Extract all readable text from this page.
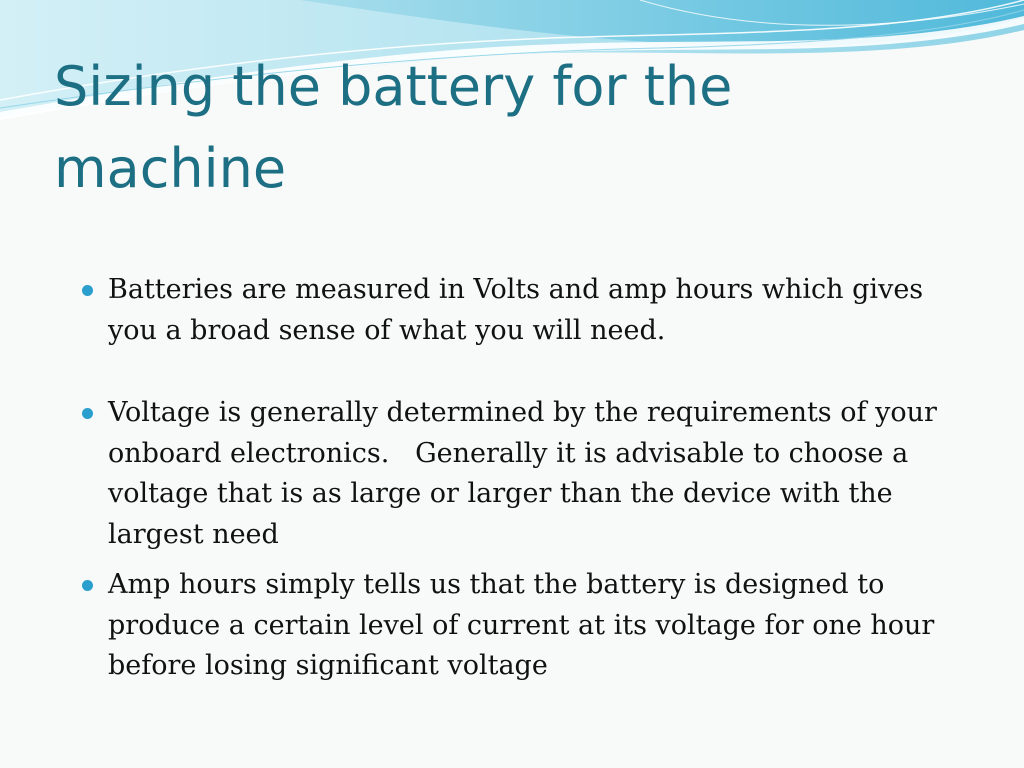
Sizing the battery for the machine
Batteries are measured in Volts and amp hours which gives you a broad sense of what you will need.
Voltage is generally determined by the requirements of your onboard electronics.   Generally it is advisable to choose a voltage that is as large or larger than the device with the largest need
Amp hours simply tells us that the battery is designed to produce a certain level of current at its voltage for one hour before losing significant voltage
